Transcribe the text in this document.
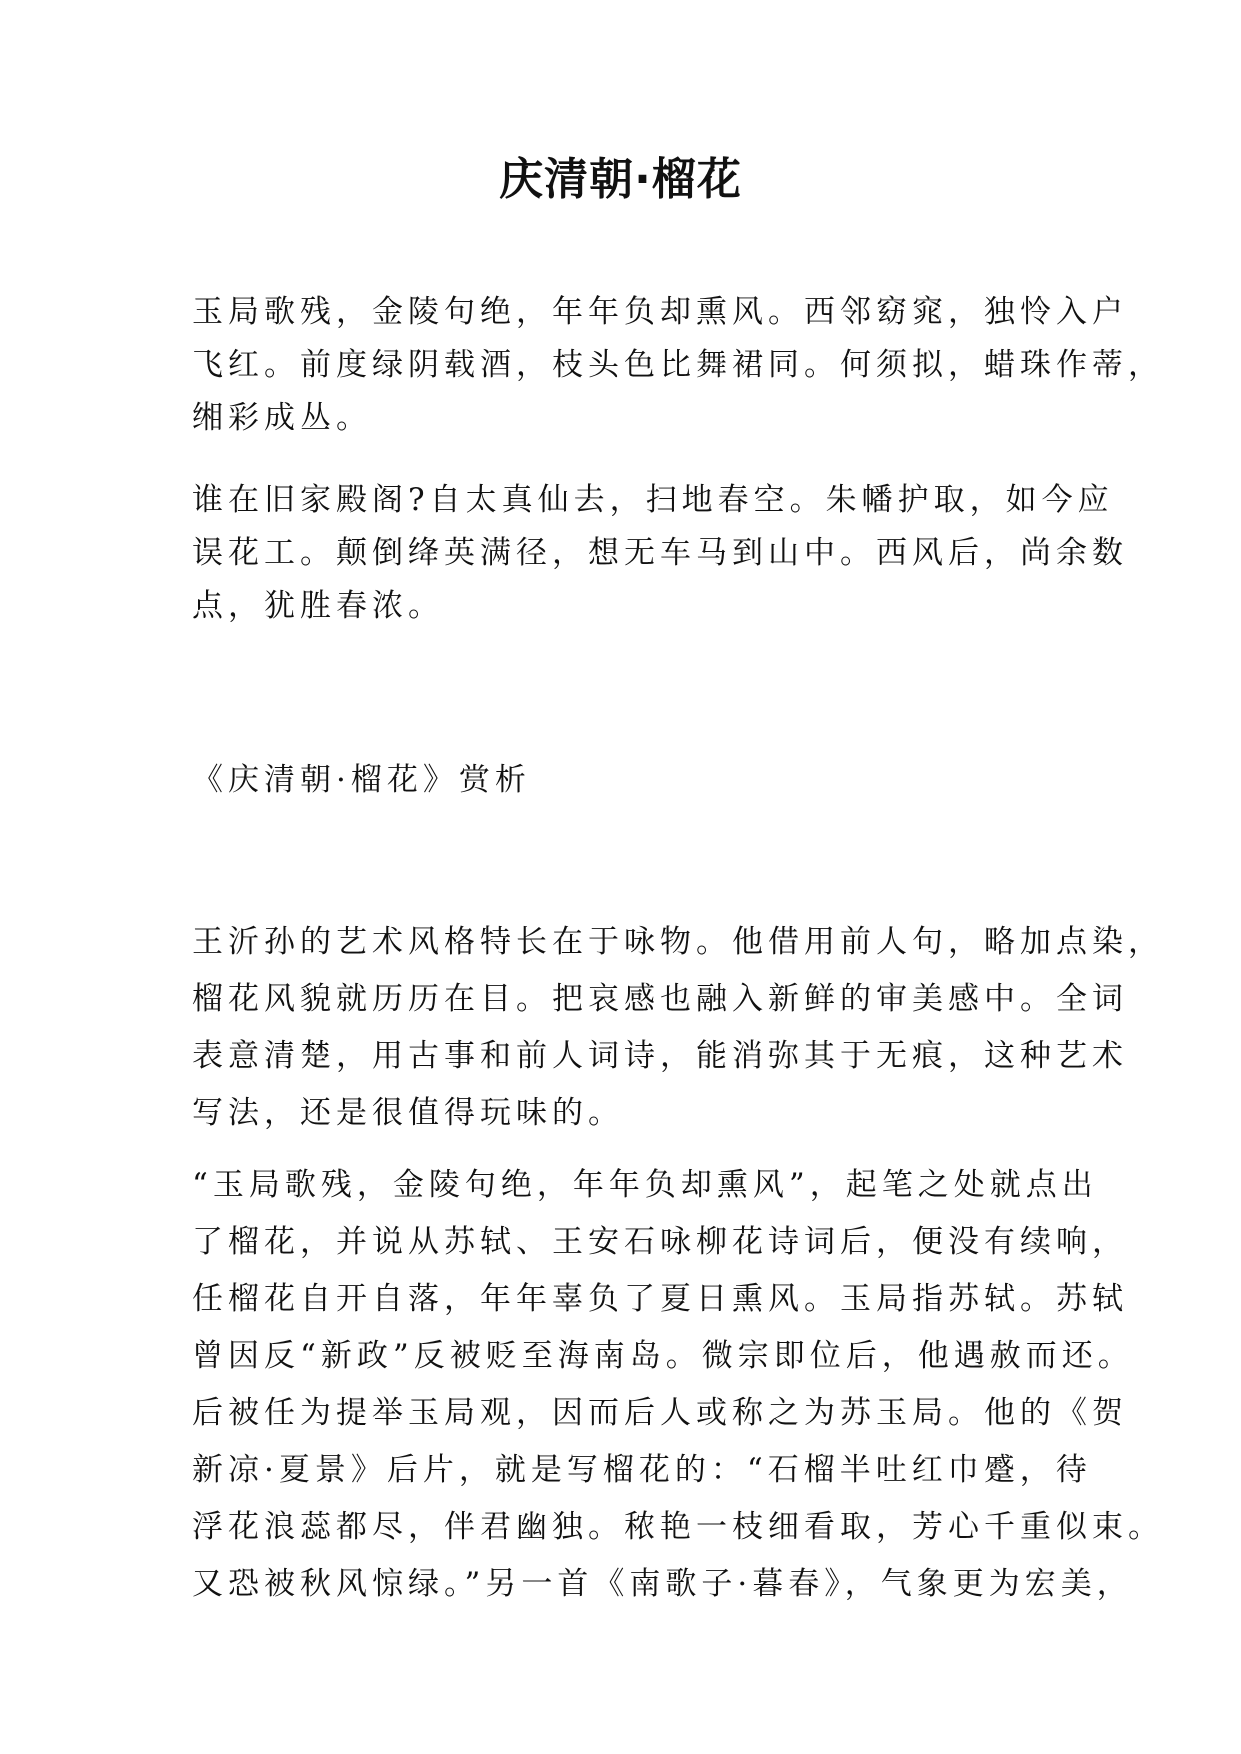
庆清朝·榴花
玉局歌残，金陵句绝，年年负却熏风。西邻窈窕，独怜入户
飞红。前度绿阴载酒，枝头色比舞裙同。何须拟，蜡珠作蒂，
缃彩成丛。
谁在旧家殿阁?自太真仙去，扫地春空。朱幡护取，如今应
误花工。颠倒绛英满径，想无车马到山中。西风后，尚余数
点，犹胜春浓。
《庆清朝·榴花》赏析
王沂孙的艺术风格特长在于咏物。他借用前人句，略加点染，
榴花风貌就历历在目。把哀感也融入新鲜的审美感中。全词
表意清楚，用古事和前人词诗，能消弥其于无痕，这种艺术
写法，还是很值得玩味的。
“玉局歌残，金陵句绝，年年负却熏风”，起笔之处就点出
了榴花，并说从苏轼、王安石咏柳花诗词后，便没有续响，
任榴花自开自落，年年辜负了夏日熏风。玉局指苏轼。苏轼
曾因反“新政”反被贬至海南岛。微宗即位后，他遇赦而还。
后被任为提举玉局观，因而后人或称之为苏玉局。他的《贺
新凉·夏景》后片，就是写榴花的：“石榴半吐红巾蹙，待
浮花浪蕊都尽，伴君幽独。秾艳一枝细看取，芳心千重似束。
又恐被秋风惊绿。”另一首《南歌子·暮春》，气象更为宏美，
